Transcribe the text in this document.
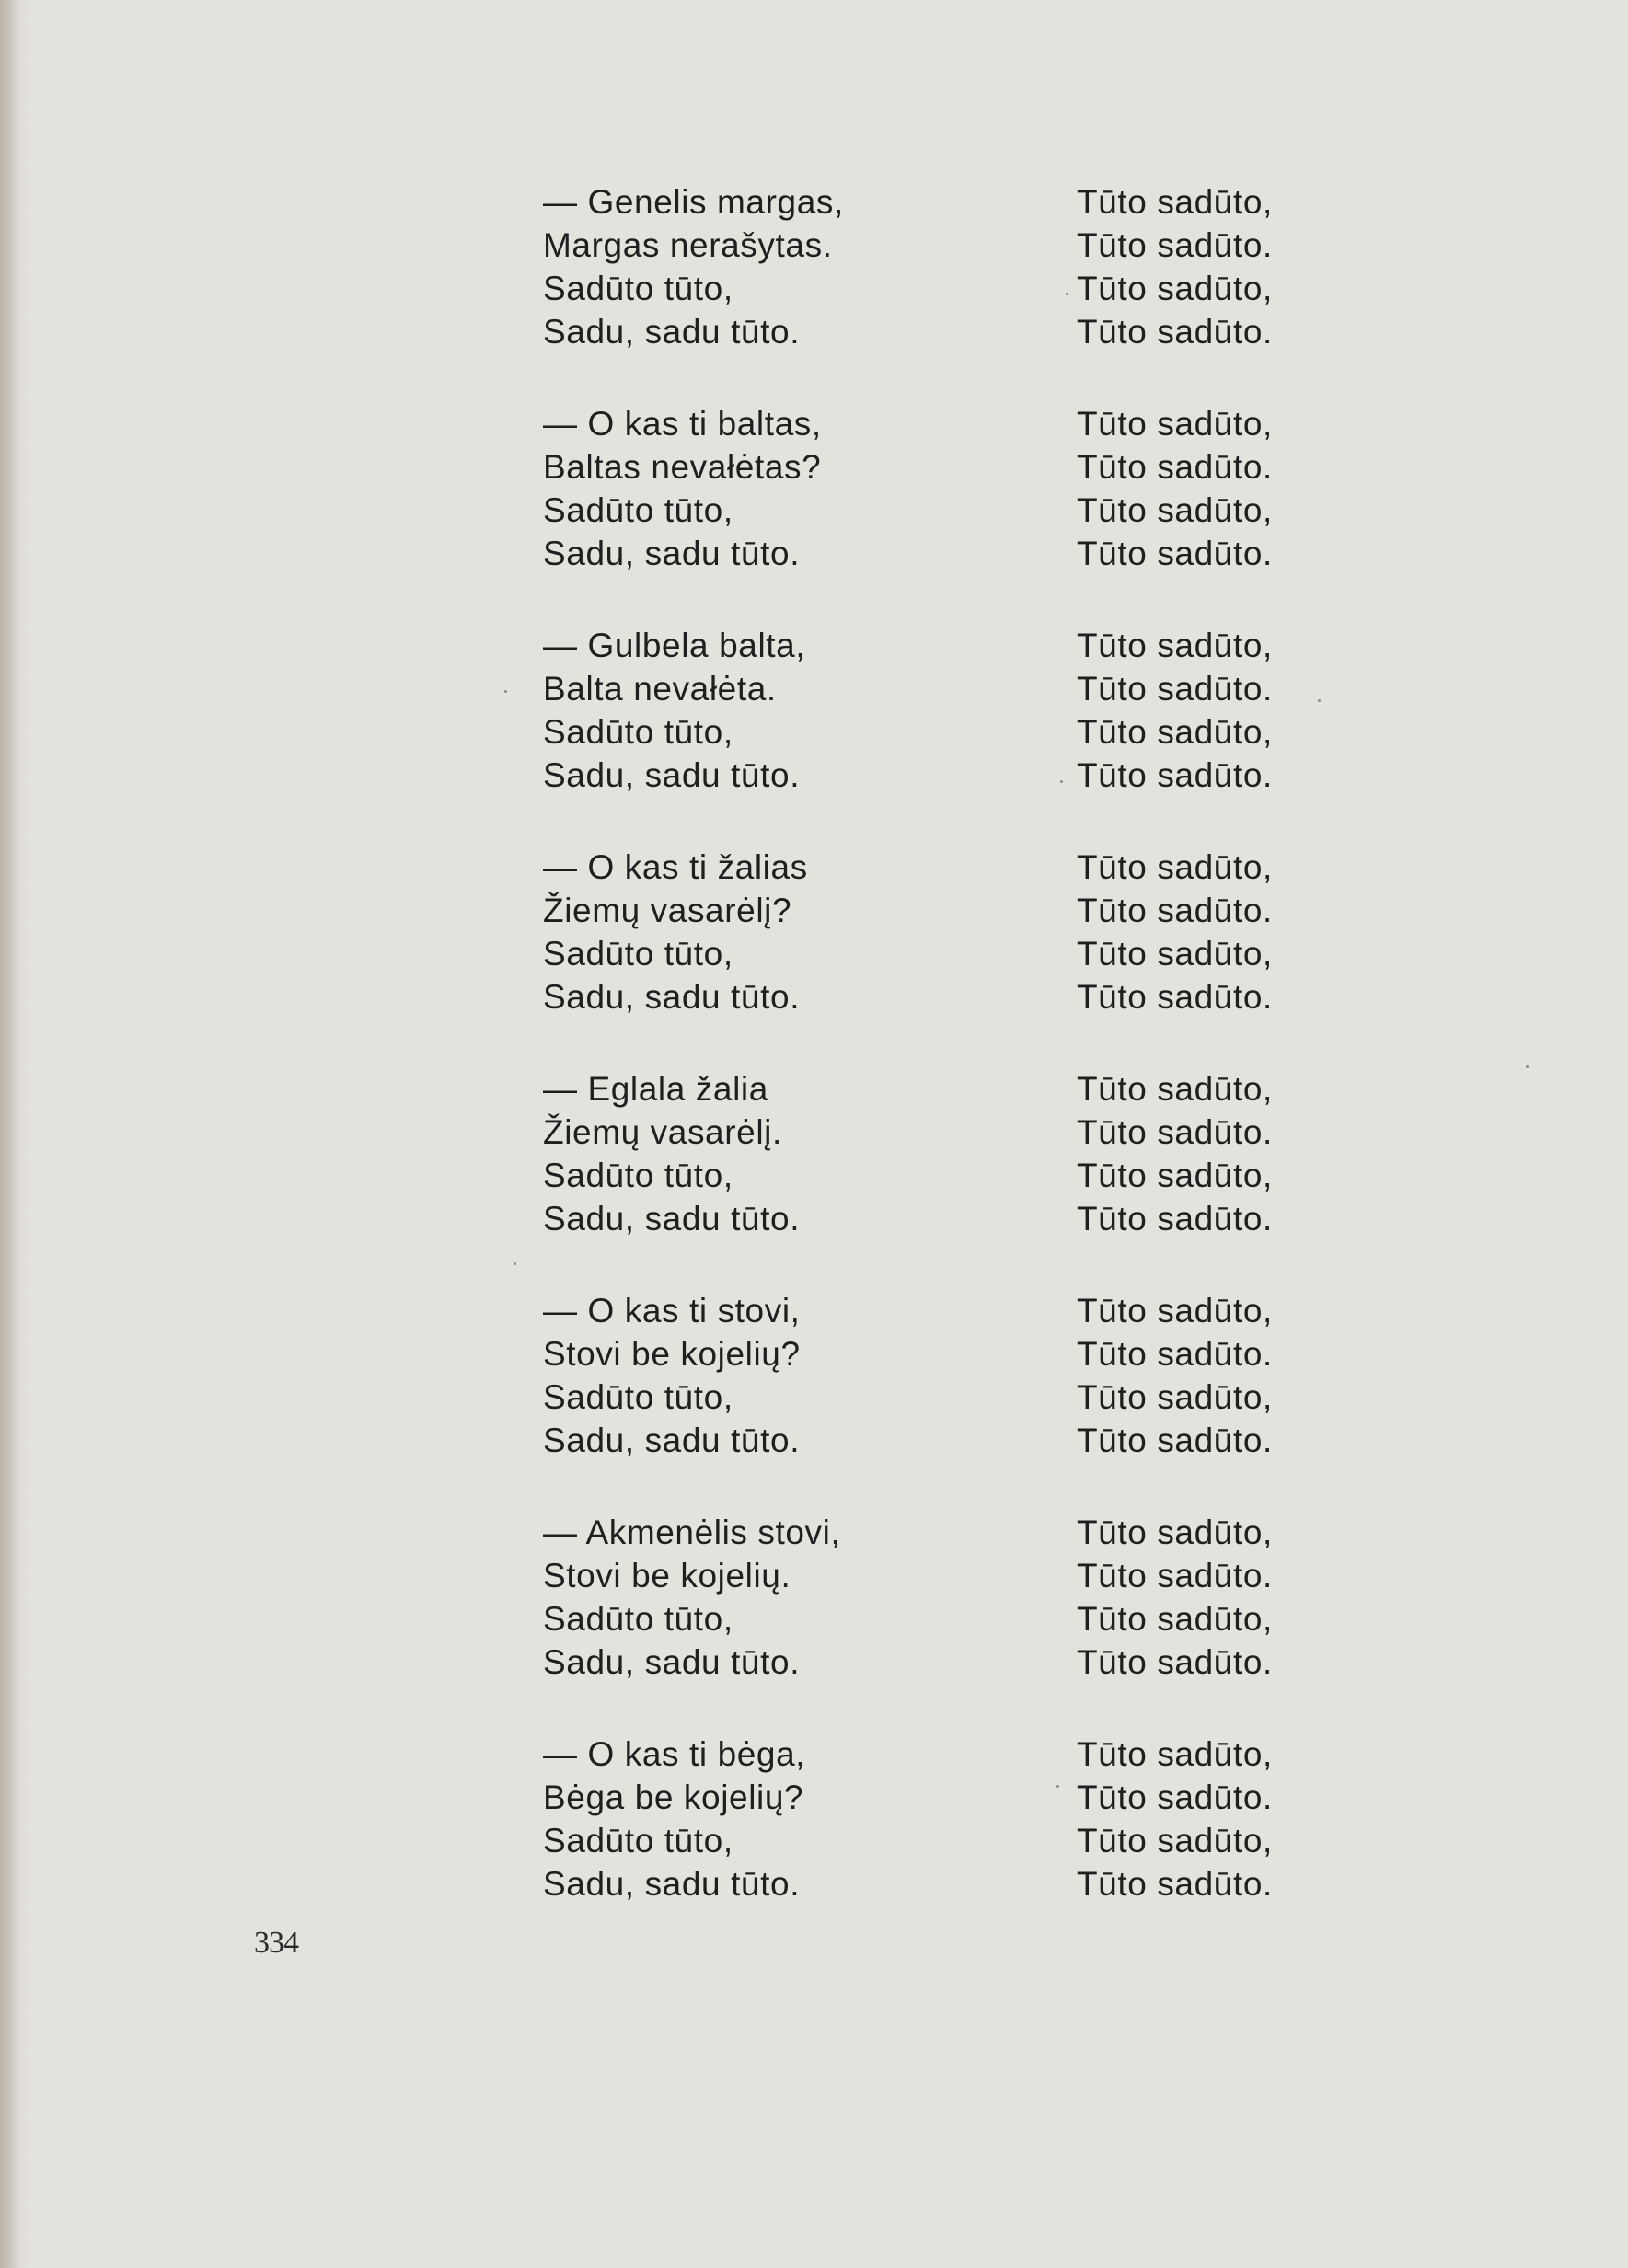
— Genelis margas,	Tūto sadūto,
Margas nerašytas.	Tūto sadūto.
Sadūto tūto,	Tūto sadūto,
Sadu, sadu tūto.	Tūto sadūto.
— O kas ti baltas,	Tūto sadūto,
Baltas nevałėtas?	Tūto sadūto.
Sadūto tūto,	Tūto sadūto,
Sadu, sadu tūto.	Tūto sadūto.
— Gulbela balta,	Tūto sadūto,
Balta nevałėta.	Tūto sadūto.
Sadūto tūto,	Tūto sadūto,
Sadu, sadu tūto.	Tūto sadūto.
— O kas ti žalias	Tūto sadūto,
Žiemų vasarėlį?	Tūto sadūto.
Sadūto tūto,	Tūto sadūto,
Sadu, sadu tūto.	Tūto sadūto.
— Eglala žalia	Tūto sadūto,
Žiemų vasarėlį.	Tūto sadūto.
Sadūto tūto,	Tūto sadūto,
Sadu, sadu tūto.	Tūto sadūto.
— O kas ti stovi,	Tūto sadūto,
Stovi be kojelių?	Tūto sadūto.
Sadūto tūto,	Tūto sadūto,
Sadu, sadu tūto.	Tūto sadūto.
— Akmenėlis stovi,	Tūto sadūto,
Stovi be kojelių.	Tūto sadūto.
Sadūto tūto,	Tūto sadūto,
Sadu, sadu tūto.	Tūto sadūto.
— O kas ti bėga,	Tūto sadūto,
Bėga be kojelių?	Tūto sadūto.
Sadūto tūto,	Tūto sadūto,
Sadu, sadu tūto.	Tūto sadūto.
334
